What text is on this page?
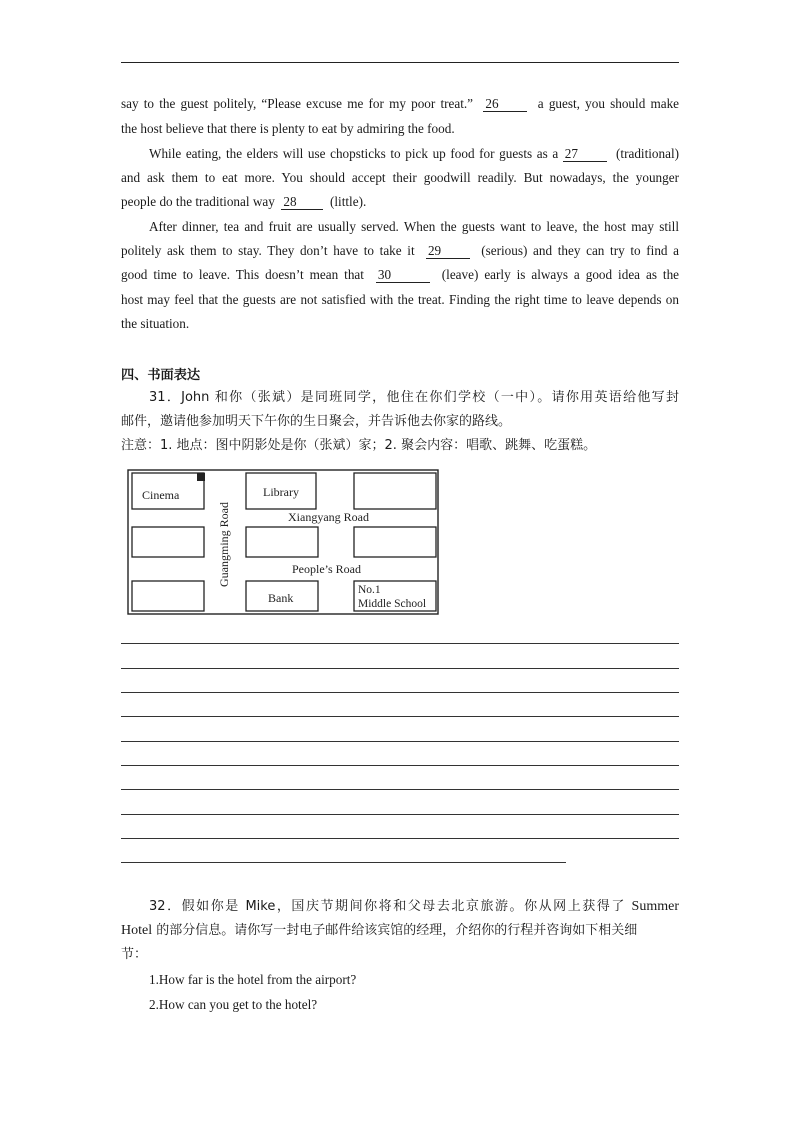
say to the guest politely, “Please excuse me for my poor treat.” 26	a guest, you should make

the host believe that there is plenty to eat by admiring the food.

While eating, the elders will use chopsticks to pick up food for guests as a 27	(traditional)

and ask them to eat more. You should accept their goodwill readily. But nowadays, the younger

people do the traditional way 28	(little).

After dinner, tea and fruit are usually served. When the guests want to leave, the host may still

politely ask them to stay. They don’t have to take it 29	(serious) and they can try to find a

good time to leave. This doesn’t mean that 30	(leave) early is always a good idea as the

host may feel that the guests are not satisfied with the treat. Finding the right time to leave depends on

the situation.

四、书面表达

31．John 和你（张斌）是同班同学，他住在你们学校（一中）。请你用英语给他写封

邮件，邀请他参加明天下午你的生日聚会，并告诉他去你家的路线。

注意：1. 地点：图中阴影处是你（张斌）家；2. 聚会内容：唱歌、跳舞、吃蛋糕。

Cinema	Library
Xiangyang Road
Guangming Road	People’s Road
Bank
No.1
Middle School

32．假如你是 Mike，国庆节期间你将和父母去北京旅游。你从网上获得了 Summer

Hotel 的部分信息。请你写一封电子邮件给该宾馆的经理，介绍你的行程并咨询如下相关细

节：

1.How far is the hotel from the airport?
2.How can you get to the hotel?
